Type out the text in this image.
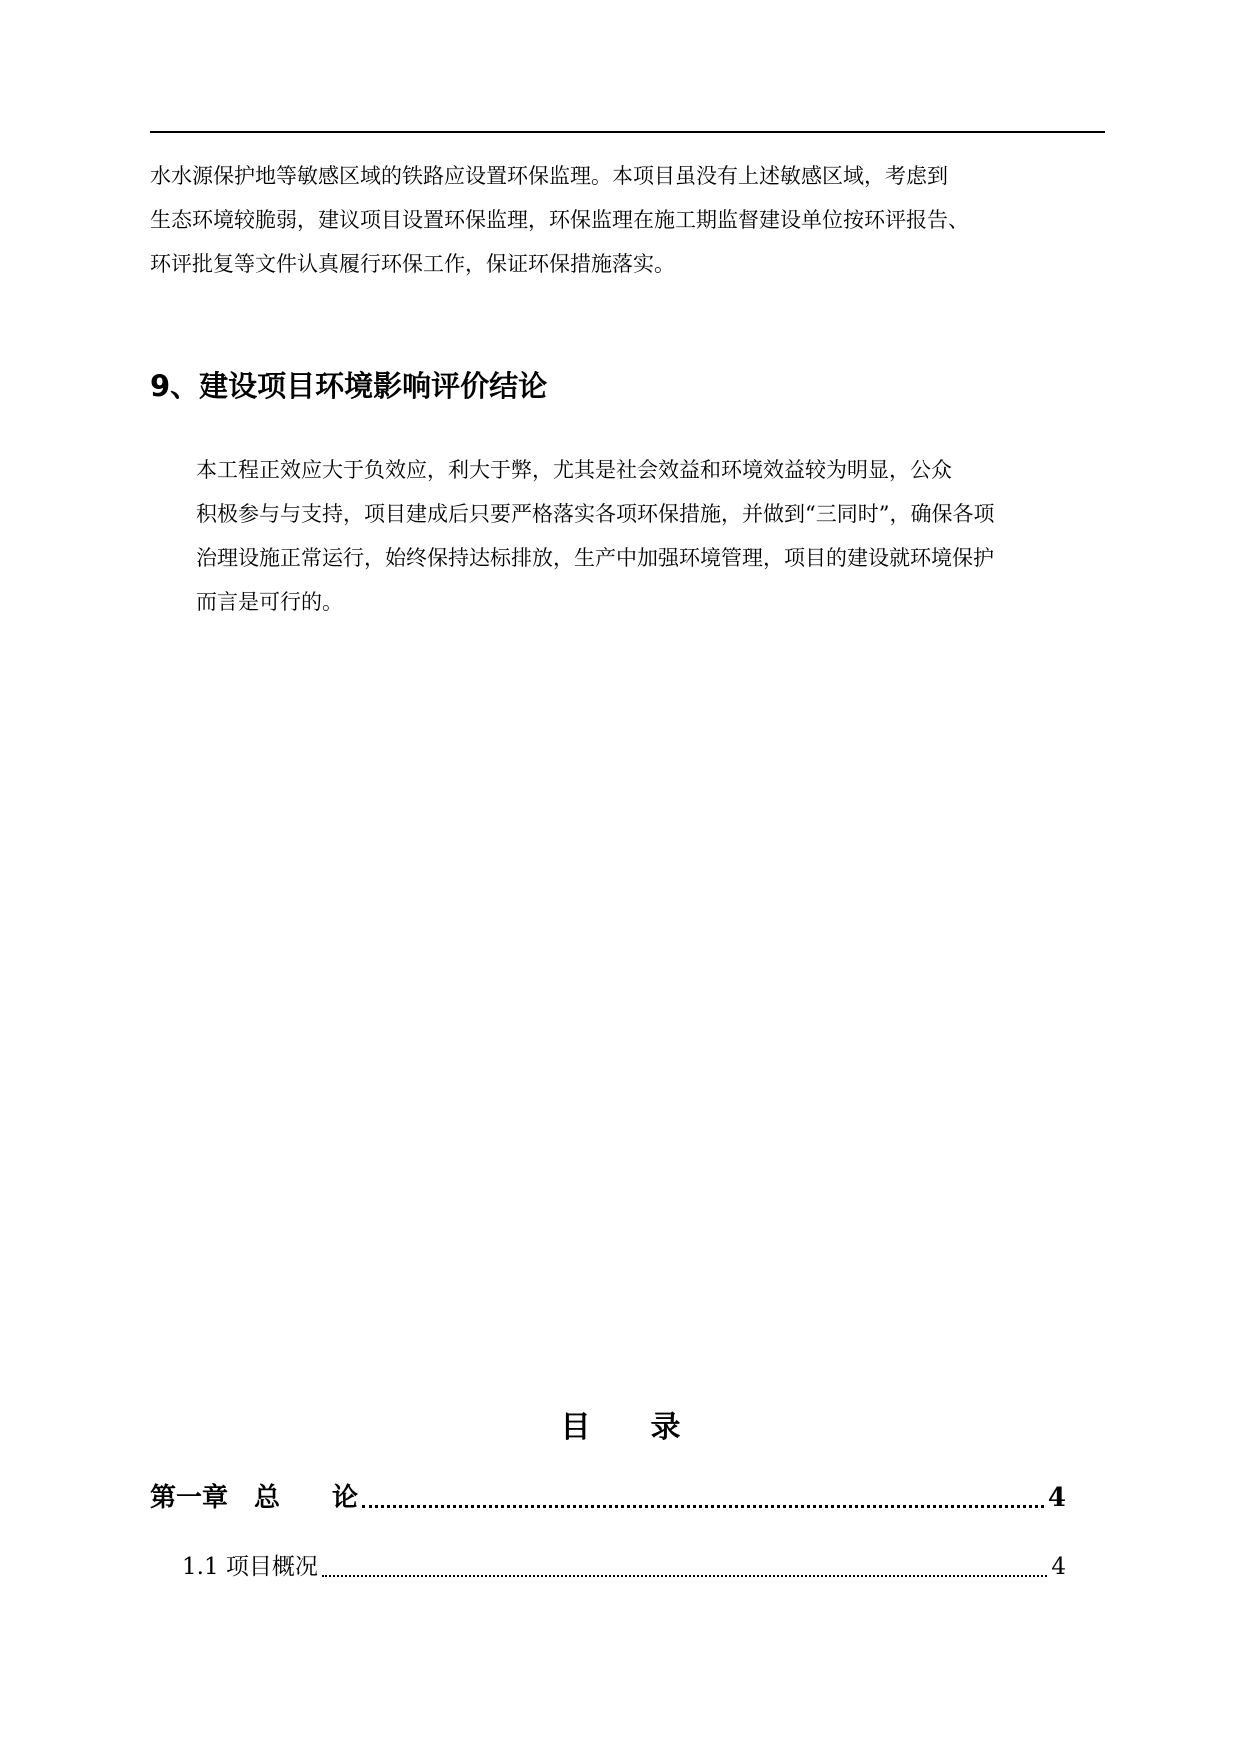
水水源保护地等敏感区域的铁路应设置环保监理。本项目虽没有上述敏感区域，考虑到
生态环境较脆弱，建议项目设置环保监理，环保监理在施工期监督建设单位按环评报告、
环评批复等文件认真履行环保工作，保证环保措施落实。

9、建设项目环境影响评价结论

本工程正效应大于负效应，利大于弊，尤其是社会效益和环境效益较为明显，公众
积极参与与支持，项目建成后只要严格落实各项环保措施，并做到“三同时”，确保各项
治理设施正常运行，始终保持达标排放，生产中加强环境管理，项目的建设就环境保护
而言是可行的。

目 录
第一章　总　　论	4
1.1 项目概况	4
